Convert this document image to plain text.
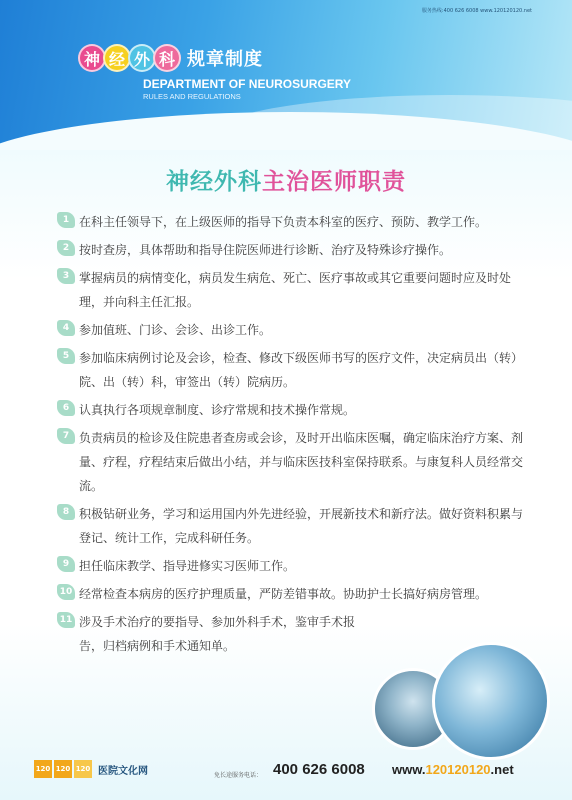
服务热线:400 626 6008 www.120120120.net
神 经 外 科 规章制度
DEPARTMENT OF NEUROSURGERY
RULES AND REGULATIONS
神经外科主治医师职责
1 在科主任领导下，在上级医师的指导下负责本科室的医疗、预防、教学工作。
2 按时查房，具体帮助和指导住院医师进行诊断、治疗及特殊诊疗操作。
3 掌握病员的病情变化，病员发生病危、死亡、医疗事故或其它重要问题时应及时处理，并向科主任汇报。
4 参加值班、门诊、会诊、出诊工作。
5 参加临床病例讨论及会诊，检查、修改下级医师书写的医疗文件，决定病员出（转）院、出（转）科，审签出（转）院病历。
6 认真执行各项规章制度、诊疗常规和技术操作常规。
7 负责病员的检诊及住院患者查房或会诊，及时开出临床医嘱，确定临床治疗方案、剂量、疗程，疗程结束后做出小结，并与临床医技科室保持联系。与康复科人员经常交流。
8 积极钻研业务，学习和运用国内外先进经验，开展新技术和新疗法。做好资料积累与登记、统计工作，完成科研任务。
9 担任临床教学、指导进修实习医师工作。
10 经常检查本病房的医疗护理质量，严防差错事故。协助护士长搞好病房管理。
11 涉及手术治疗的要指导、参加外科手术，鉴审手术报告，归档病例和手术通知单。
120 120 120 医院文化网	免长途服务电话： 400 626 6008 www.120120120.net
